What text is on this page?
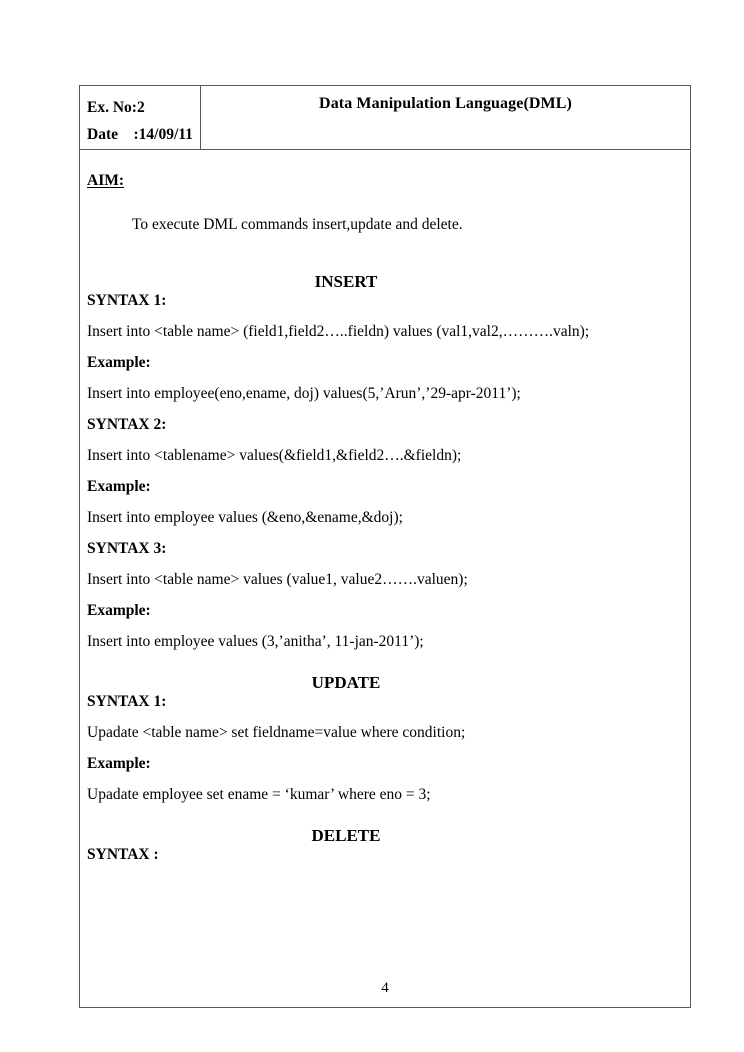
Ex. No:2
Date    :14/09/11
Data Manipulation Language(DML)
AIM:
To execute DML commands insert,update and delete.
INSERT
SYNTAX 1:
Insert into <table name> (field1,field2…..fieldn) values (val1,val2,……….valn);
Example:
Insert into employee(eno,ename, doj) values(5,’Arun’,’29-apr-2011’);
SYNTAX 2:
Insert into <tablename> values(&field1,&field2….&fieldn);
Example:
Insert into employee values (&eno,&ename,&doj);
SYNTAX 3:
Insert into <table name> values (value1, value2…….valuen);
Example:
Insert into employee values (3,’anitha’, 11-jan-2011’);
UPDATE
SYNTAX 1:
Upadate <table name> set fieldname=value where condition;
Example:
Upadate employee set ename = ‘kumar’ where eno = 3;
DELETE
SYNTAX :
4
